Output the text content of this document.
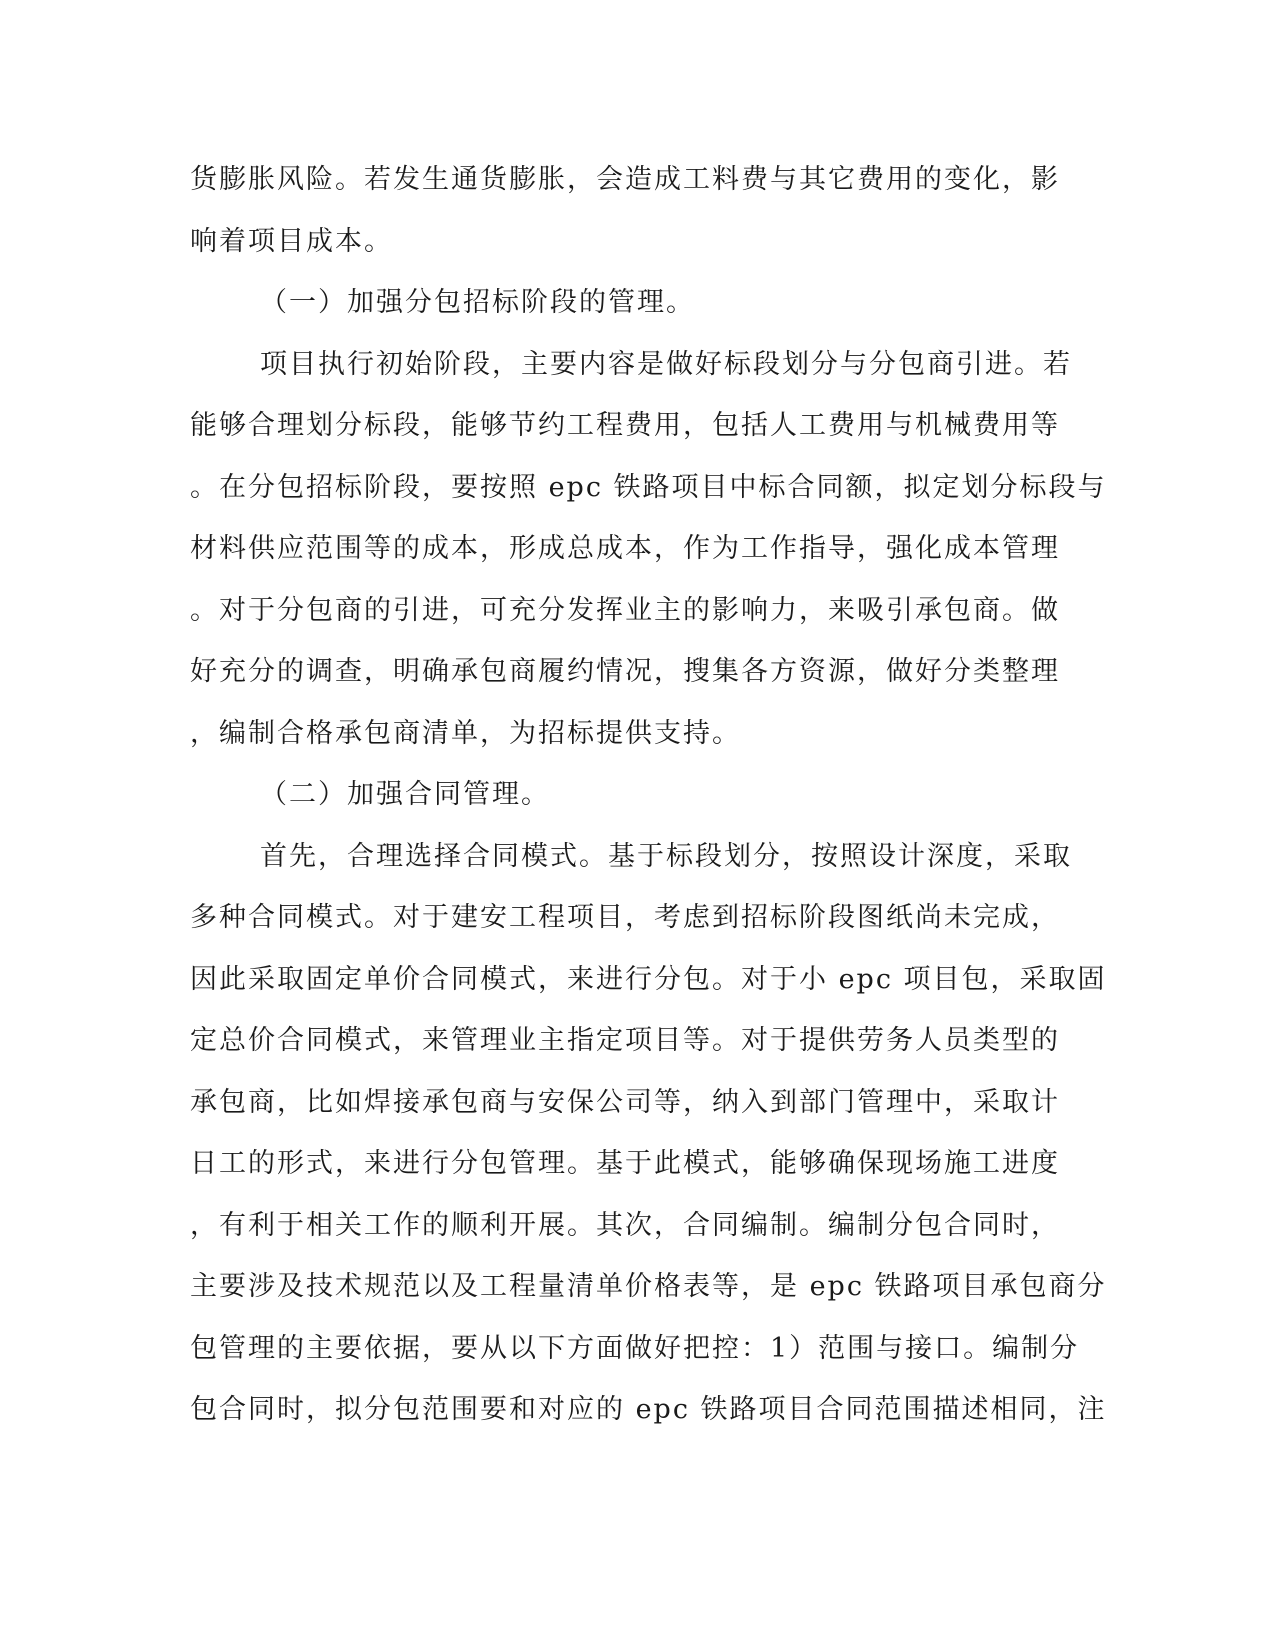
货膨胀风险。若发生通货膨胀，会造成工料费与其它费用的变化，影
响着项目成本。
（一）加强分包招标阶段的管理。
项目执行初始阶段，主要内容是做好标段划分与分包商引进。若
能够合理划分标段，能够节约工程费用，包括人工费用与机械费用等
。在分包招标阶段，要按照 epc 铁路项目中标合同额，拟定划分标段与
材料供应范围等的成本，形成总成本，作为工作指导，强化成本管理
。对于分包商的引进，可充分发挥业主的影响力，来吸引承包商。做
好充分的调查，明确承包商履约情况，搜集各方资源，做好分类整理
，编制合格承包商清单，为招标提供支持。
（二）加强合同管理。
首先，合理选择合同模式。基于标段划分，按照设计深度，采取
多种合同模式。对于建安工程项目，考虑到招标阶段图纸尚未完成，
因此采取固定单价合同模式，来进行分包。对于小 epc 项目包，采取固
定总价合同模式，来管理业主指定项目等。对于提供劳务人员类型的
承包商，比如焊接承包商与安保公司等，纳入到部门管理中，采取计
日工的形式，来进行分包管理。基于此模式，能够确保现场施工进度
，有利于相关工作的顺利开展。其次，合同编制。编制分包合同时，
主要涉及技术规范以及工程量清单价格表等，是 epc 铁路项目承包商分
包管理的主要依据，要从以下方面做好把控：1）范围与接口。编制分
包合同时，拟分包范围要和对应的 epc 铁路项目合同范围描述相同，注
